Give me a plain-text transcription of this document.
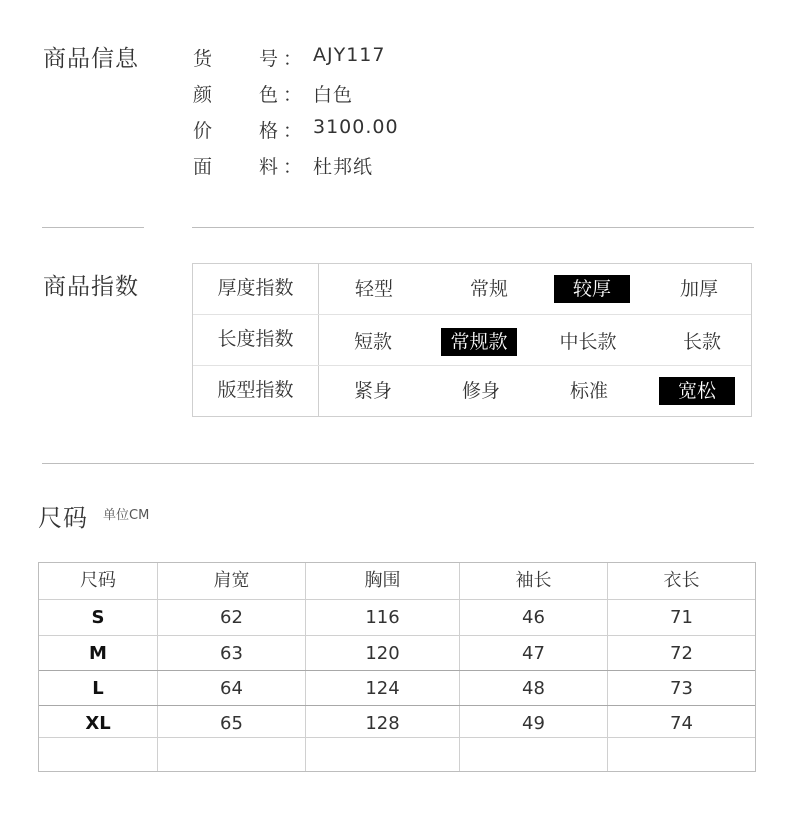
商品信息	货 号 ： AJY117
颜 色 ： 白色
价 格 ： 3100.00
面 料 ： 杜邦纸
商品指数	厚度指数	轻型	常规	较厚	加厚
长度指数	短款	常规款	中长款	长款
版型指数	紧身	修身	标准	宽松
尺码 单位CM
尺码	肩宽	胸围	袖长	衣长
S	62	116	46	71
M	63	120	47	72
L	64	124	48	73
XL	65	128	49	74
